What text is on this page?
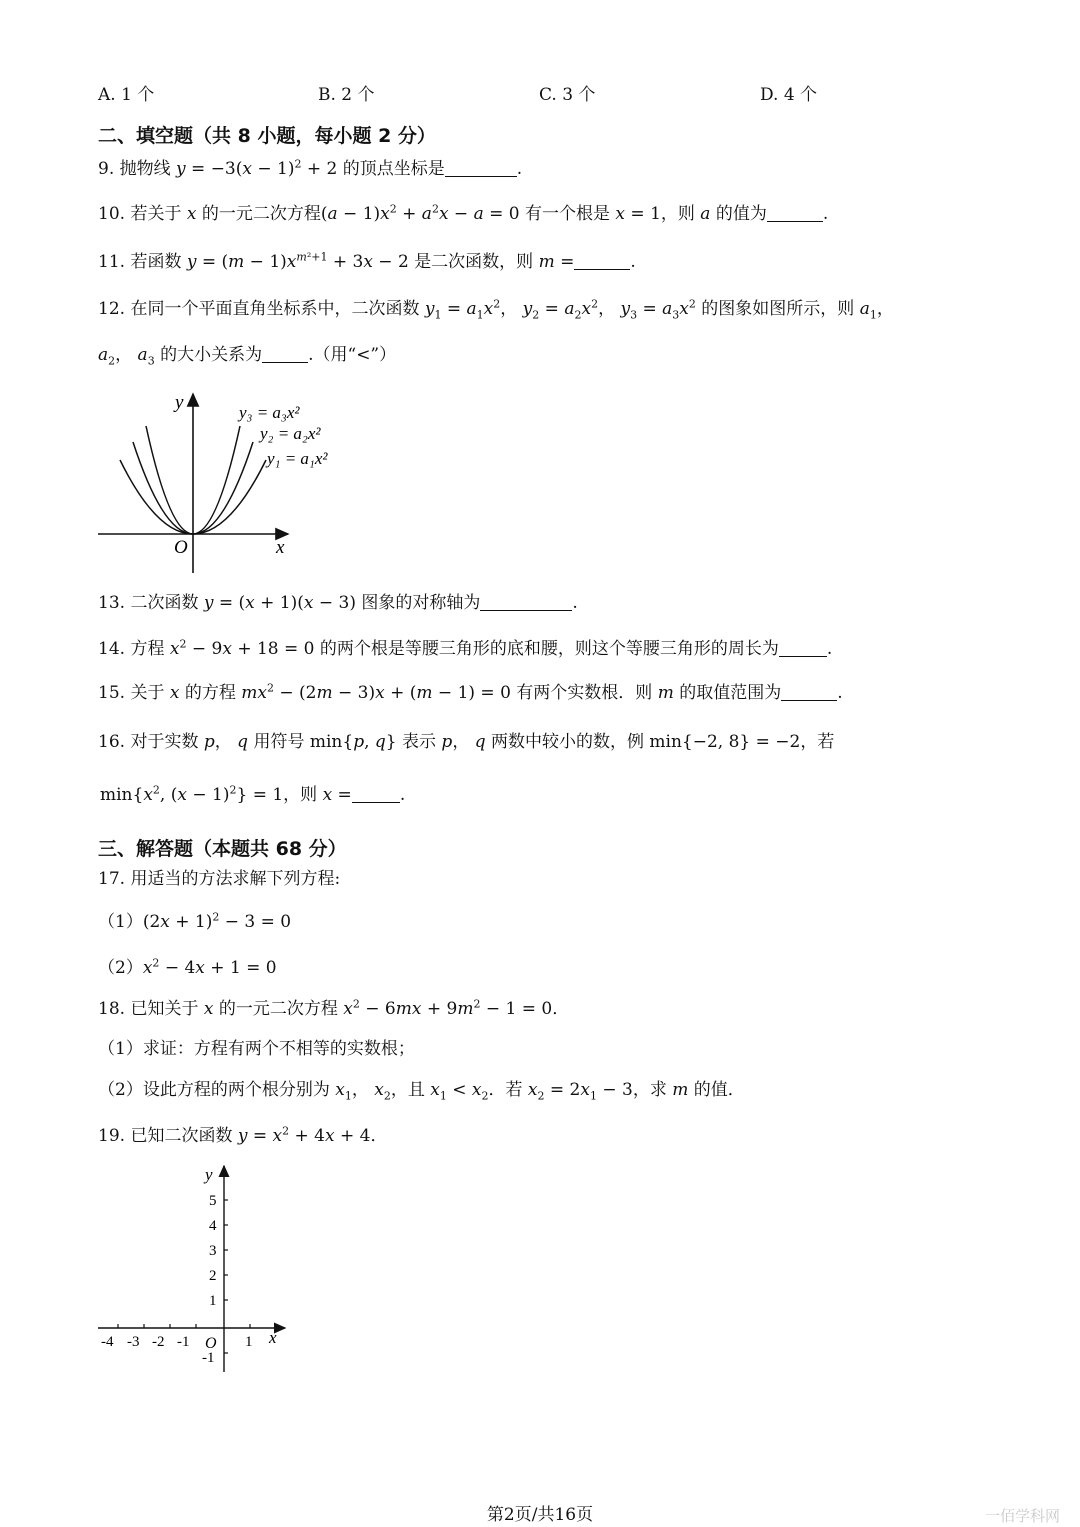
A. 1 个	B. 2 个	C. 3 个	D. 4 个
二、填空题（共 8 小题，每小题 2 分）
9. 抛物线 $y = -3(x - 1)^2 + 2$ 的顶点坐标是	.
10. 若关于 x 的一元二次方程$(a - 1)x^2 + a^2x - a = 0$ 有一个根是 x = 1，则 a 的值为	.
11. 若函数 $y = (m - 1)x^{m^2+1} + 3x - 2$ 是二次函数，则 m =	.
12. 在同一个平面直角坐标系中，二次函数 $y_1 = a_1x^2$， $y_2 = a_2x^2$， $y_3 = a_3x^2$ 的图象如图所示，则 $a_1$，
$a_2$， $a_3$ 的大小关系为	.（用“<”）
y
x
O
y₃ = a₃x²
y₂ = a₂x²
y₁ = a₁x²
13. 二次函数 y = (x + 1)(x − 3) 图象的对称轴为	.
14. 方程 $x^2 - 9x + 18 = 0$ 的两个根是等腰三角形的底和腰，则这个等腰三角形的周长为	.
15. 关于 x 的方程 $mx^2 - (2m - 3)x + (m - 1) = 0$ 有两个实数根．则 m 的取值范围为	.
16. 对于实数 p， q 用符号 min{p, q} 表示 p， q 两数中较小的数，例 min{−2, 8} = −2，若
$\min\{x^2$, $(x - 1)^2\} = 1$，则 x =	.
三、解答题（本题共 68 分）
17. 用适当的方法求解下列方程:
$(1)(2x + 1)^2 - 3 = 0$
$(2)x^2 - 4x + 1 = 0$
18. 已知关于 x 的一元二次方程 $x^2 - 6mx + 9m^2 - 1 = 0$．
（1）求证：方程有两个不相等的实数根；
（2）设此方程的两个根分别为 $x_1$， $x_2$，且 $x_1 < x_2$．若 $x_2 = 2x_1 - 3$，求 m 的值．
19. 已知二次函数 $y = x^2 + 4x + 4$．
y
x
O
5
4
3
2
1
-1
-4 -3 -2 -1	1
第2页/共16页	一佰学科网
